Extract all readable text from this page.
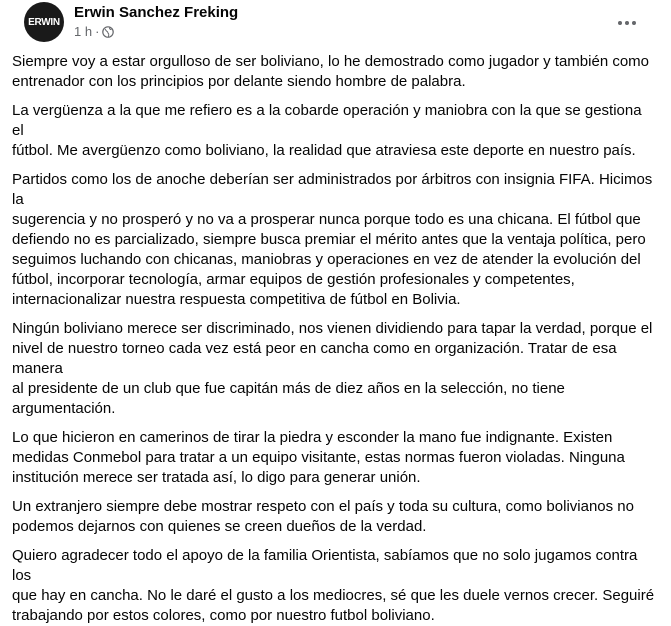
ERWIN
Erwin Sanchez Freking
1 h ·

Siempre voy a estar orgulloso de ser boliviano, lo he demostrado como jugador y también como
entrenador con los principios por delante siendo hombre de palabra.

La vergüenza a la que me refiero es a la cobarde operación y maniobra con la que se gestiona el
fútbol. Me avergüenzo como boliviano, la realidad que atraviesa este deporte en nuestro país.

Partidos como los de anoche deberían ser administrados por árbitros con insignia FIFA. Hicimos la
sugerencia y no prosperó y no va a prosperar nunca porque todo es una chicana. El fútbol que
defiendo no es parcializado, siempre busca premiar el mérito antes que la ventaja política, pero
seguimos luchando con chicanas, maniobras y operaciones en vez de atender la evolución del
fútbol, incorporar tecnología, armar equipos de gestión profesionales y competentes,
internacionalizar nuestra respuesta competitiva de fútbol en Bolivia.

Ningún boliviano merece ser discriminado, nos vienen dividiendo para tapar la verdad, porque el
nivel de nuestro torneo cada vez está peor en cancha como en organización. Tratar de esa manera
al presidente de un club que fue capitán más de diez años en la selección, no tiene
argumentación.

Lo que hicieron en camerinos de tirar la piedra y esconder la mano fue indignante. Existen
medidas Conmebol para tratar a un equipo visitante, estas normas fueron violadas. Ninguna
institución merece ser tratada así, lo digo para generar unión.

Un extranjero siempre debe mostrar respeto con el país y toda su cultura, como bolivianos no
podemos dejarnos con quienes se creen dueños de la verdad.

Quiero agradecer todo el apoyo de la familia Orientista, sabíamos que no solo jugamos contra los
que hay en cancha. No le daré el gusto a los mediocres, sé que les duele vernos crecer. Seguiré
trabajando por estos colores, como por nuestro futbol boliviano.
